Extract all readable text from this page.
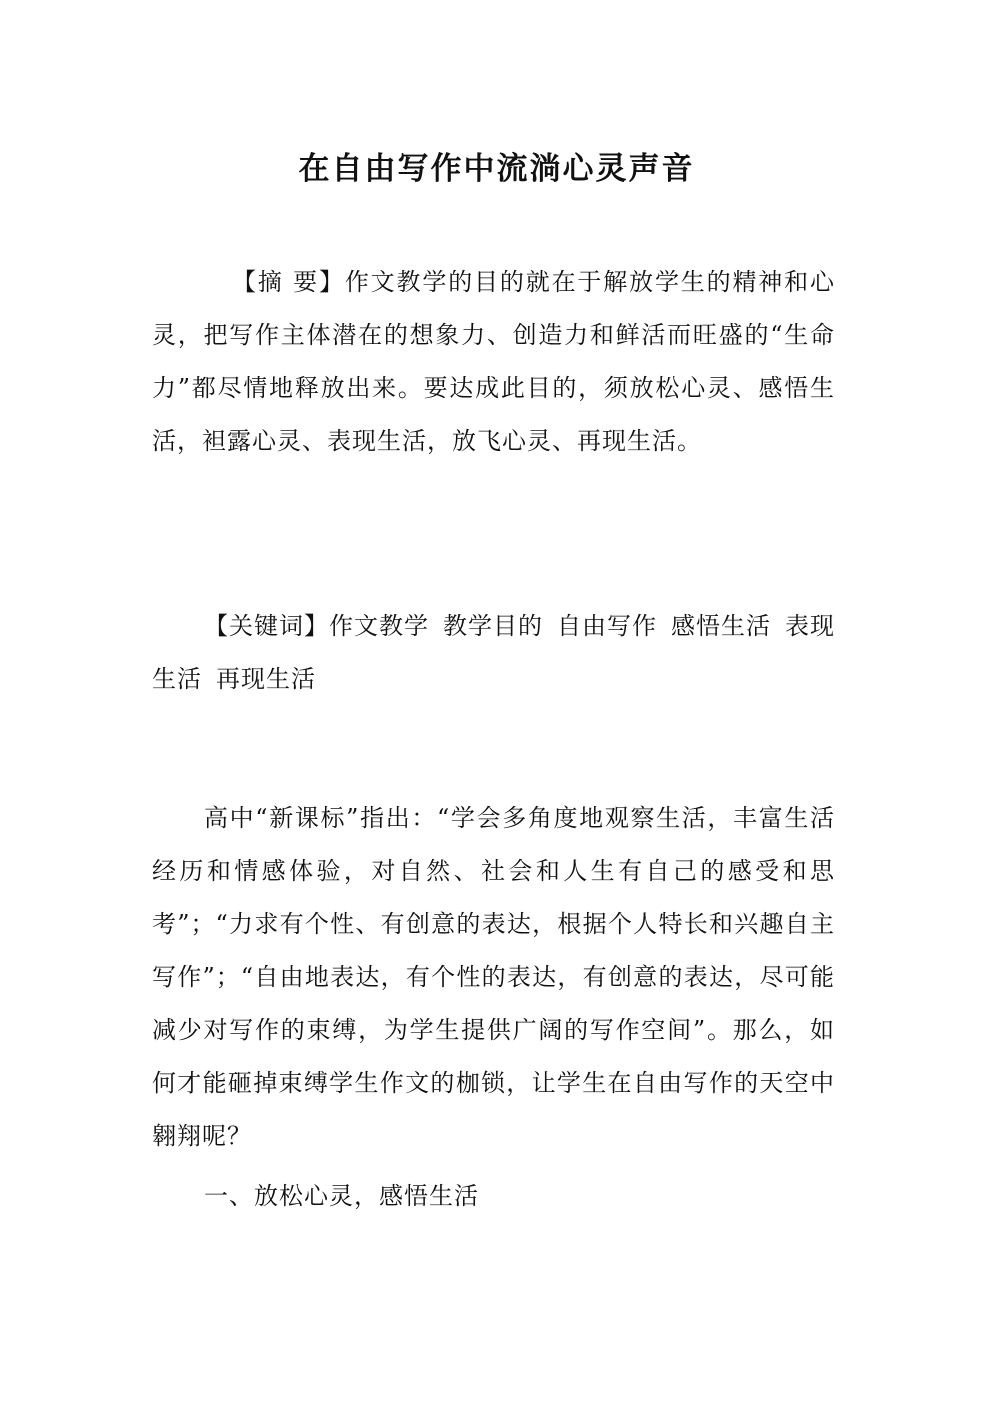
在自由写作中流淌心灵声音

【摘 要】作文教学的目的就在于解放学生的精神和心灵，把写作主体潜在的想象力、创造力和鲜活而旺盛的“生命力”都尽情地释放出来。要达成此目的，须放松心灵、感悟生活，袒露心灵、表现生活，放飞心灵、再现生活。

【关键词】作文教学 教学目的 自由写作 感悟生活 表现生活 再现生活

高中“新课标”指出：“学会多角度地观察生活，丰富生活经历和情感体验，对自然、社会和人生有自己的感受和思考”；“力求有个性、有创意的表达，根据个人特长和兴趣自主写作”；“自由地表达，有个性的表达，有创意的表达，尽可能减少对写作的束缚，为学生提供广阔的写作空间”。那么，如何才能砸掉束缚学生作文的枷锁，让学生在自由写作的天空中翱翔呢？

一、放松心灵，感悟生活
